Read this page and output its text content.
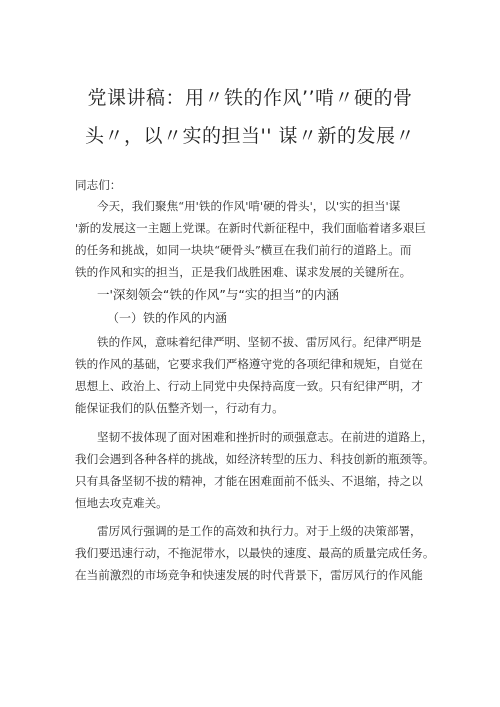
党课讲稿：用〃铁的作风’’啃〃硬的骨
头〃，以〃实的担当'' 谋〃新的发展〃
同志们：
今天，我们聚焦“用'铁的作风'啃'硬的骨头'，以'实的担当'谋
'新的发展这一主题上党课。在新时代新征程中，我们面临着诸多艰巨
的任务和挑战，如同一块块“硬骨头”横亘在我们前行的道路上。而
铁的作风和实的担当，正是我们战胜困难、谋求发展的关键所在。
一'深刻领会“铁的作风”与“实的担当”的内涵
（一）铁的作风的内涵
铁的作风，意味着纪律严明、坚韧不拔、雷厉风行。纪律严明是
铁的作风的基础，它要求我们严格遵守党的各项纪律和规矩，自觉在
思想上、政治上、行动上同党中央保持高度一致。只有纪律严明，才
能保证我们的队伍整齐划一，行动有力。
坚韧不拔体现了面对困难和挫折时的顽强意志。在前进的道路上，
我们会遇到各种各样的挑战，如经济转型的压力、科技创新的瓶颈等。
只有具备坚韧不拔的精神，才能在困难面前不低头、不退缩，持之以
恒地去攻克难关。
雷厉风行强调的是工作的高效和执行力。对于上级的决策部署，
我们要迅速行动，不拖泥带水，以最快的速度、最高的质量完成任务。
在当前激烈的市场竞争和快速发展的时代背景下，雷厉风行的作风能
